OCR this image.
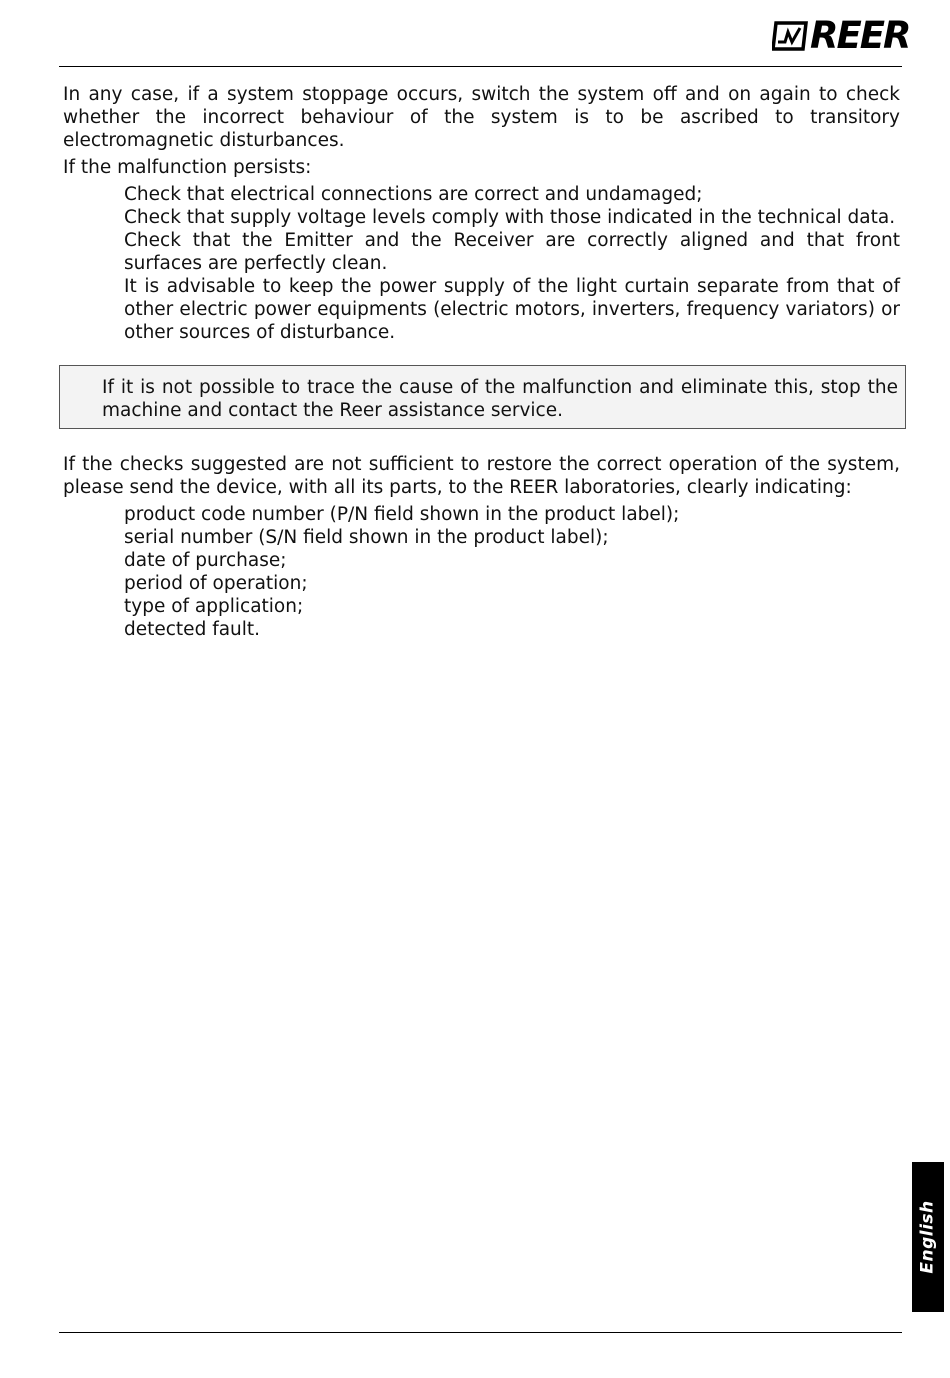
REER

In any case, if a system stoppage occurs, switch the system off and on again to check whether the incorrect behaviour of the system is to be ascribed to transitory electromagnetic disturbances.

If the malfunction persists:

Check that electrical connections are correct and undamaged;
Check that supply voltage levels comply with those indicated in the technical data.
Check that the Emitter and the Receiver are correctly aligned and that front surfaces are perfectly clean.
It is advisable to keep the power supply of the light curtain separate from that of other electric power equipments (electric motors, inverters, frequency variators) or other sources of disturbance.
If it is not possible to trace the cause of the malfunction and eliminate this, stop the machine and contact the Reer assistance service.

If the checks suggested are not sufficient to restore the correct operation of the system, please send the device, with all its parts, to the REER laboratories, clearly indicating:

product code number (P/N field shown in the product label);
serial number (S/N field shown in the product label);
date of purchase;
period of operation;
type of application;
detected fault.
English
